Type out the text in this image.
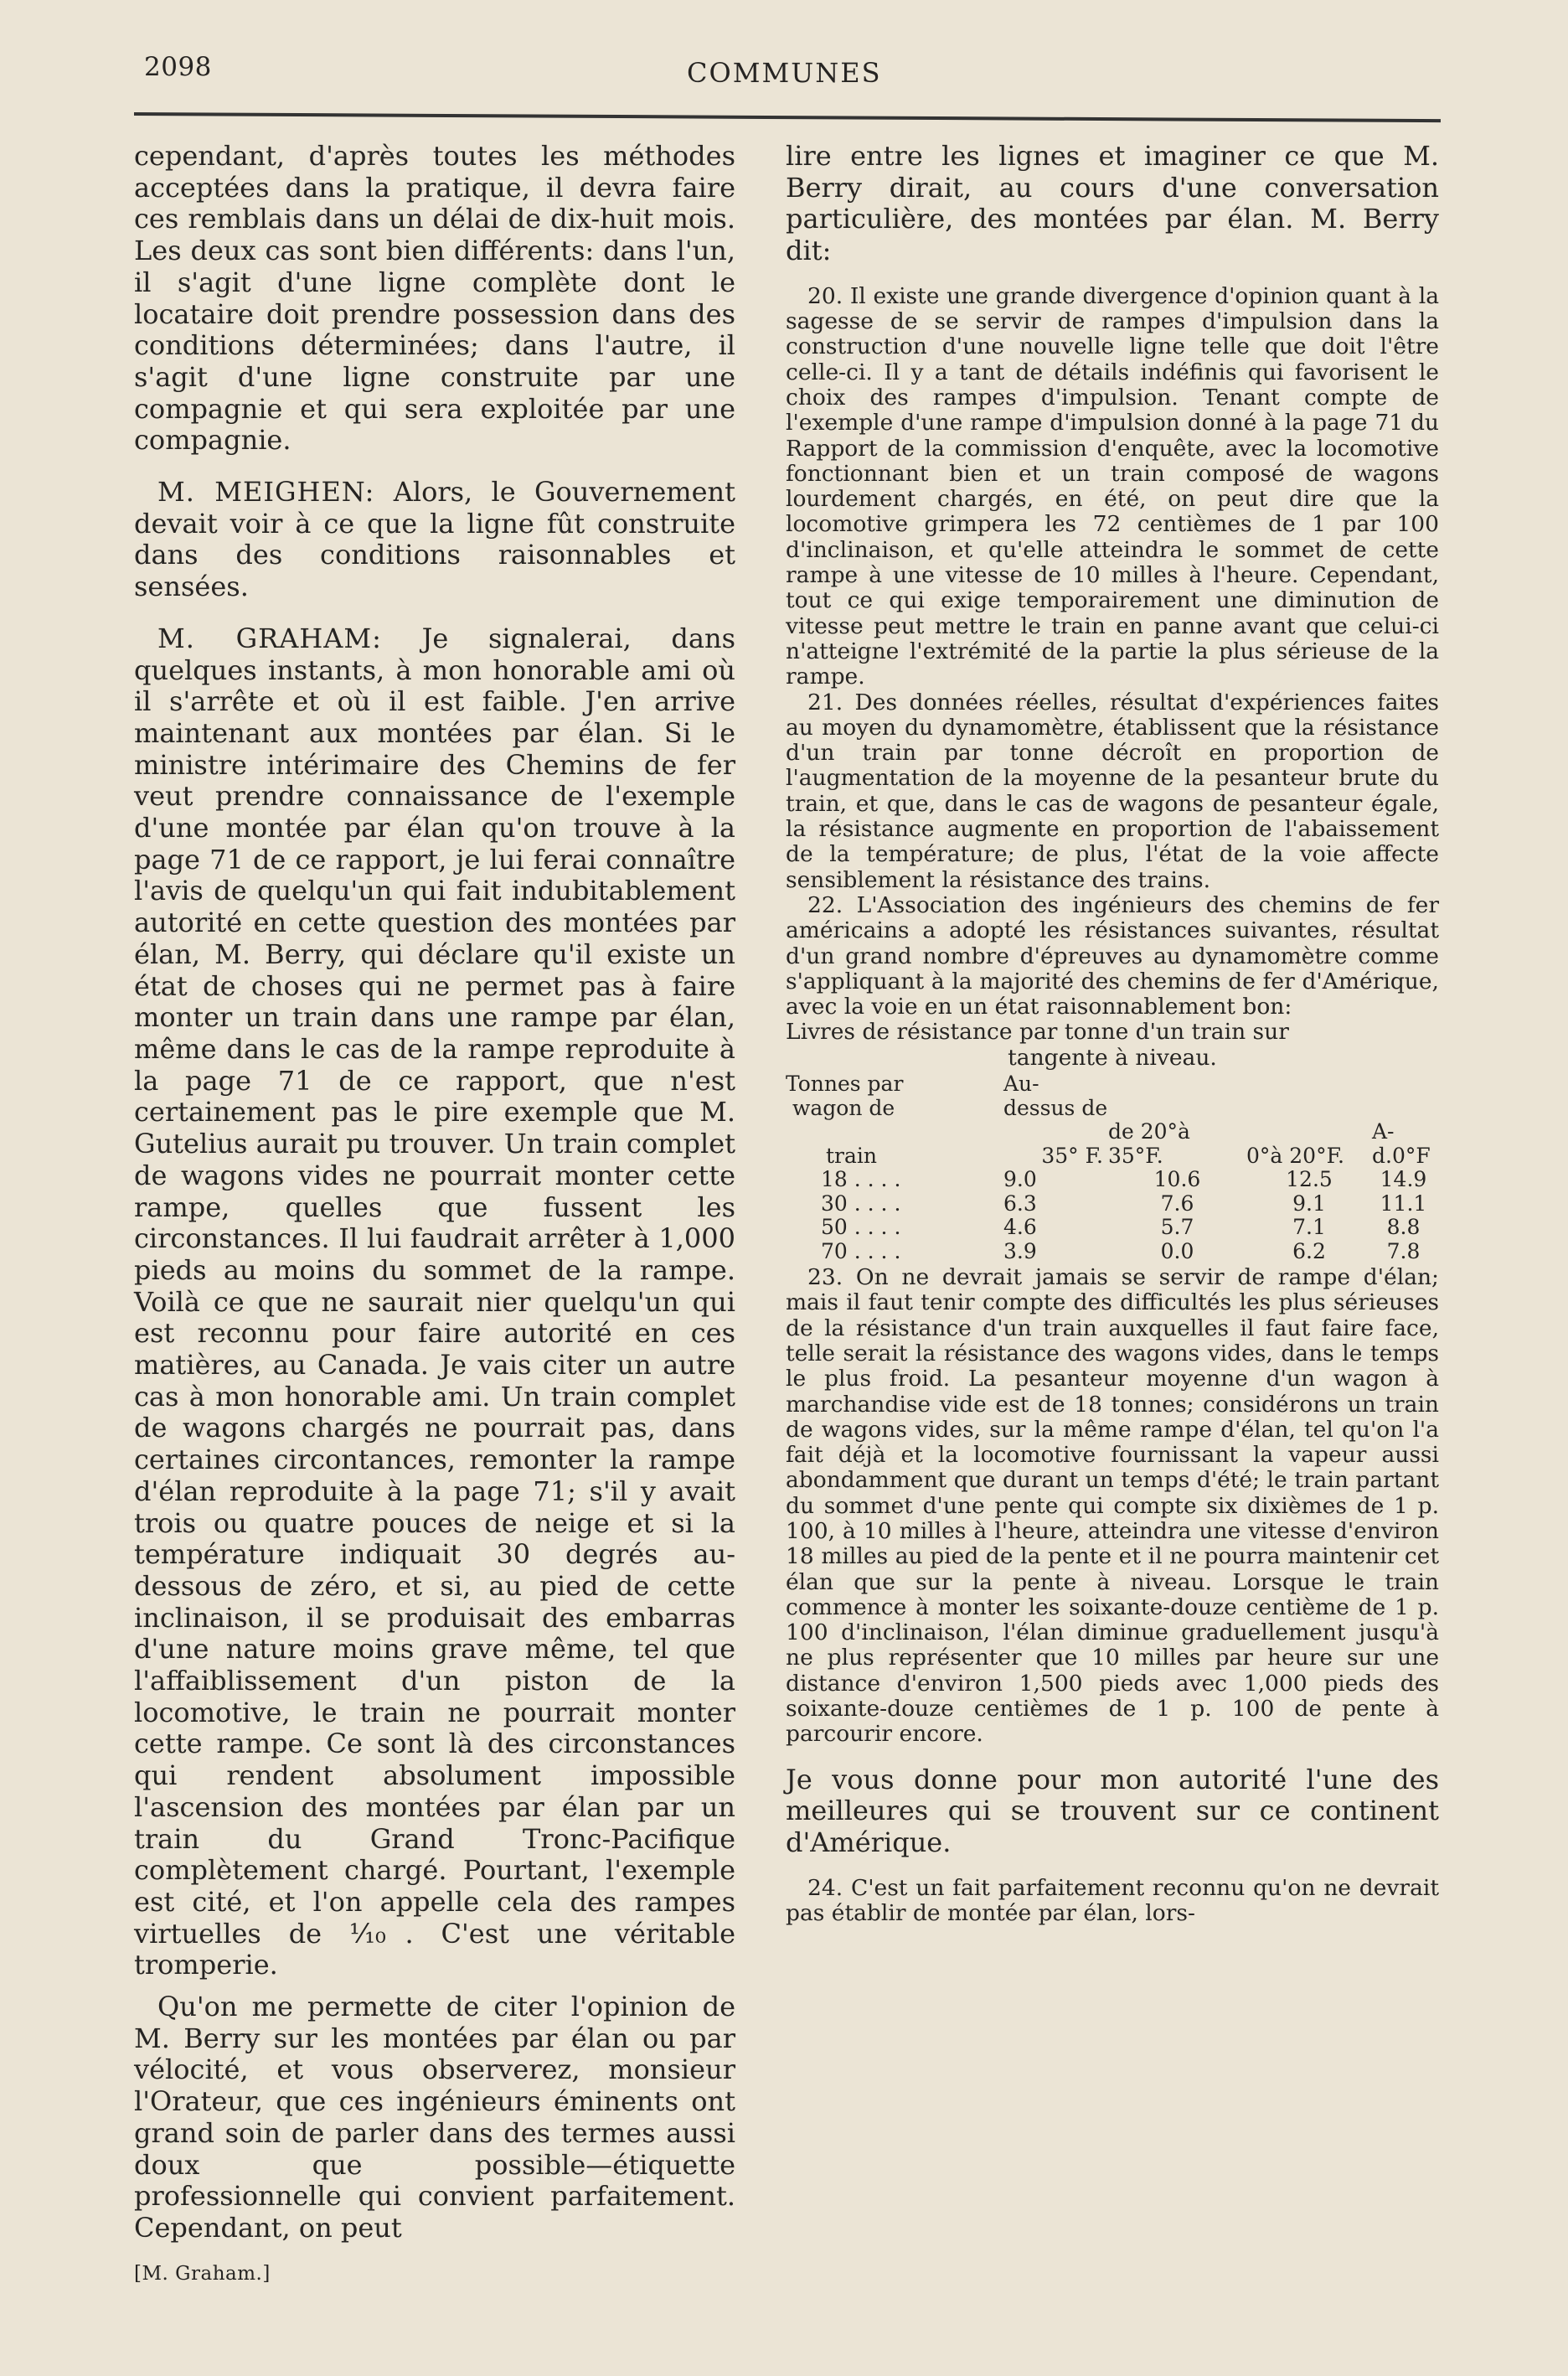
2098	COMMUNES

cependant, d'après toutes les méthodes acceptées dans la pratique, il devra faire ces remblais dans un délai de dix-huit mois. Les deux cas sont bien différents: dans l'un, il s'agit d'une ligne complète dont le locataire doit prendre possession dans des conditions déterminées; dans l'autre, il s'agit d'une ligne construite par une compagnie et qui sera exploitée par une compagnie.

M. MEIGHEN: Alors, le Gouvernement devait voir à ce que la ligne fût construite dans des conditions raisonnables et sensées.

M. GRAHAM: Je signalerai, dans quelques instants, à mon honorable ami où il s'arrête et où il est faible. J'en arrive maintenant aux montées par élan. Si le ministre intérimaire des Chemins de fer veut prendre connaissance de l'exemple d'une montée par élan qu'on trouve à la page 71 de ce rapport, je lui ferai connaître l'avis de quelqu'un qui fait indubitablement autorité en cette question des montées par élan, M. Berry, qui déclare qu'il existe un état de choses qui ne permet pas à faire monter un train dans une rampe par élan, même dans le cas de la rampe reproduite à la page 71 de ce rapport, que n'est certainement pas le pire exemple que M. Gutelius aurait pu trouver. Un train complet de wagons vides ne pourrait monter cette rampe, quelles que fussent les circonstances. Il lui faudrait arrêter à 1,000 pieds au moins du sommet de la rampe. Voilà ce que ne saurait nier quelqu'un qui est reconnu pour faire autorité en ces matières, au Canada. Je vais citer un autre cas à mon honorable ami. Un train complet de wagons chargés ne pourrait pas, dans certaines circontances, remonter la rampe d'élan reproduite à la page 71; s'il y avait trois ou quatre pouces de neige et si la température indiquait 30 degrés au-dessous de zéro, et si, au pied de cette inclinaison, il se produisait des embarras d'une nature moins grave même, tel que l'affaiblissement d'un piston de la locomotive, le train ne pourrait monter cette rampe. Ce sont là des circonstances qui rendent absolument impossible l'ascension des montées par élan par un train du Grand Tronc-Pacifique complètement chargé. Pourtant, l'exemple est cité, et l'on appelle cela des rampes virtuelles de ⅒. C'est une véritable tromperie.

Qu'on me permette de citer l'opinion de M. Berry sur les montées par élan ou par vélocité, et vous observerez, monsieur l'Orateur, que ces ingénieurs éminents ont grand soin de parler dans des termes aussi doux que possible—étiquette professionnelle qui convient parfaitement. Cependant, on peut

[M. Graham.]

lire entre les lignes et imaginer ce que M. Berry dirait, au cours d'une conversation particulière, des montées par élan. M. Berry dit:

20. Il existe une grande divergence d'opinion quant à la sagesse de se servir de rampes d'impulsion dans la construction d'une nouvelle ligne telle que doit l'être celle-ci. Il y a tant de détails indéfinis qui favorisent le choix des rampes d'impulsion. Tenant compte de l'exemple d'une rampe d'impulsion donné à la page 71 du Rapport de la commission d'enquête, avec la locomotive fonctionnant bien et un train composé de wagons lourdement chargés, en été, on peut dire que la locomotive grimpera les 72 centièmes de 1 par 100 d'inclinaison, et qu'elle atteindra le sommet de cette rampe à une vitesse de 10 milles à l'heure. Cependant, tout ce qui exige temporairement une diminution de vitesse peut mettre le train en panne avant que celui-ci n'atteigne l'extrémité de la partie la plus sérieuse de la rampe.

21. Des données réelles, résultat d'expériences faites au moyen du dynamomètre, établissent que la résistance d'un train par tonne décroît en proportion de l'augmentation de la moyenne de la pesanteur brute du train, et que, dans le cas de wagons de pesanteur égale, la résistance augmente en proportion de l'abaissement de la température; de plus, l'état de la voie affecte sensiblement la résistance des trains.

22. L'Association des ingénieurs des chemins de fer américains a adopté les résistances suivantes, résultat d'un grand nombre d'épreuves au dynamomètre comme s'appliquant à la majorité des chemins de fer d'Amérique, avec la voie en un état raisonnablement bon:

Livres de résistance par tonne d'un train sur

tangente à niveau.
Tonnes par	Au-			
wagon de	dessus de			
train	35° F.	de 20°à 35°F.	0°à 20°F.	A-d.0°F
18 . . . .	9.0	10.6	12.5	14.9
30 . . . .	6.3	7.6	9.1	11.1
50 . . . .	4.6	5.7	7.1	8.8
70 . . . .	3.9	0.0	6.2	7.8

23. On ne devrait jamais se servir de rampe d'élan; mais il faut tenir compte des difficultés les plus sérieuses de la résistance d'un train auxquelles il faut faire face, telle serait la résistance des wagons vides, dans le temps le plus froid. La pesanteur moyenne d'un wagon à marchandise vide est de 18 tonnes; considérons un train de wagons vides, sur la même rampe d'élan, tel qu'on l'a fait déjà et la locomotive fournissant la vapeur aussi abondamment que durant un temps d'été; le train partant du sommet d'une pente qui compte six dixièmes de 1 p. 100, à 10 milles à l'heure, atteindra une vitesse d'environ 18 milles au pied de la pente et il ne pourra maintenir cet élan que sur la pente à niveau. Lorsque le train commence à monter les soixante-douze centième de 1 p. 100 d'inclinaison, l'élan diminue graduellement jusqu'à ne plus représenter que 10 milles par heure sur une distance d'environ 1,500 pieds avec 1,000 pieds des soixante-douze centièmes de 1 p. 100 de pente à parcourir encore.

Je vous donne pour mon autorité l'une des meilleures qui se trouvent sur ce continent d'Amérique.

24. C'est un fait parfaitement reconnu qu'on ne devrait pas établir de montée par élan, lors-
